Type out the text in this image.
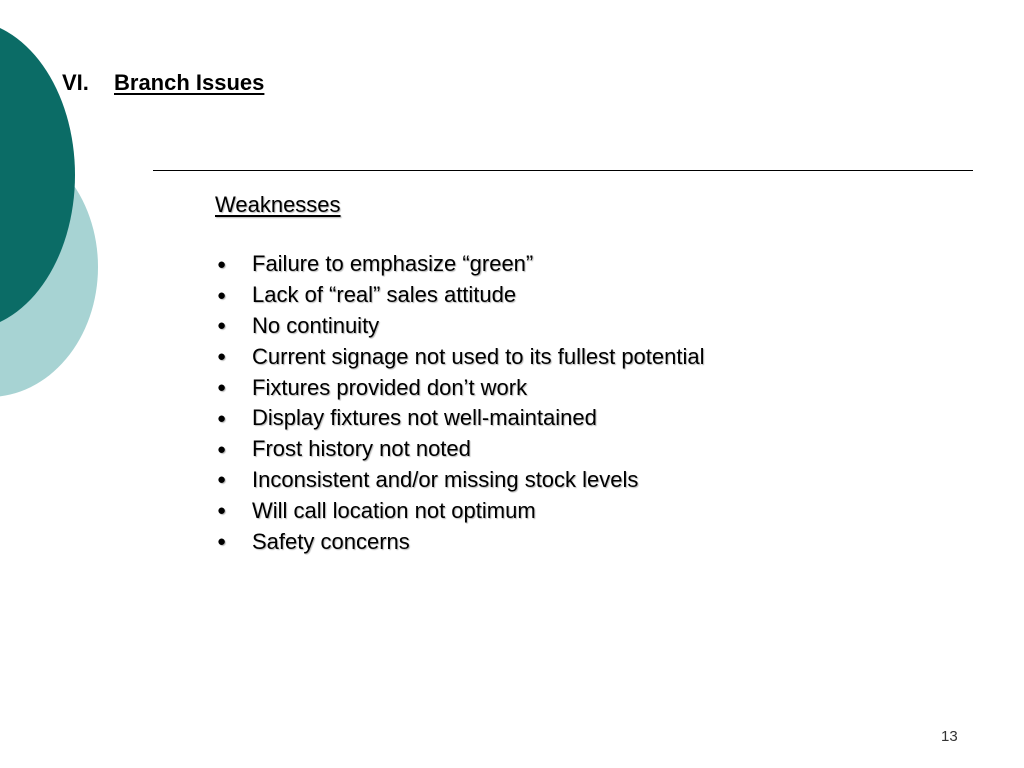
VI. Branch Issues
Weaknesses
●	Failure to emphasize “green”
●	Lack of “real” sales attitude
●	No continuity
●	Current signage not used to its fullest potential
●	Fixtures provided don’t work
●	Display fixtures not well-maintained
●	Frost history not noted
●	Inconsistent and/or missing stock levels
●	Will call location not optimum
●	Safety concerns
13
